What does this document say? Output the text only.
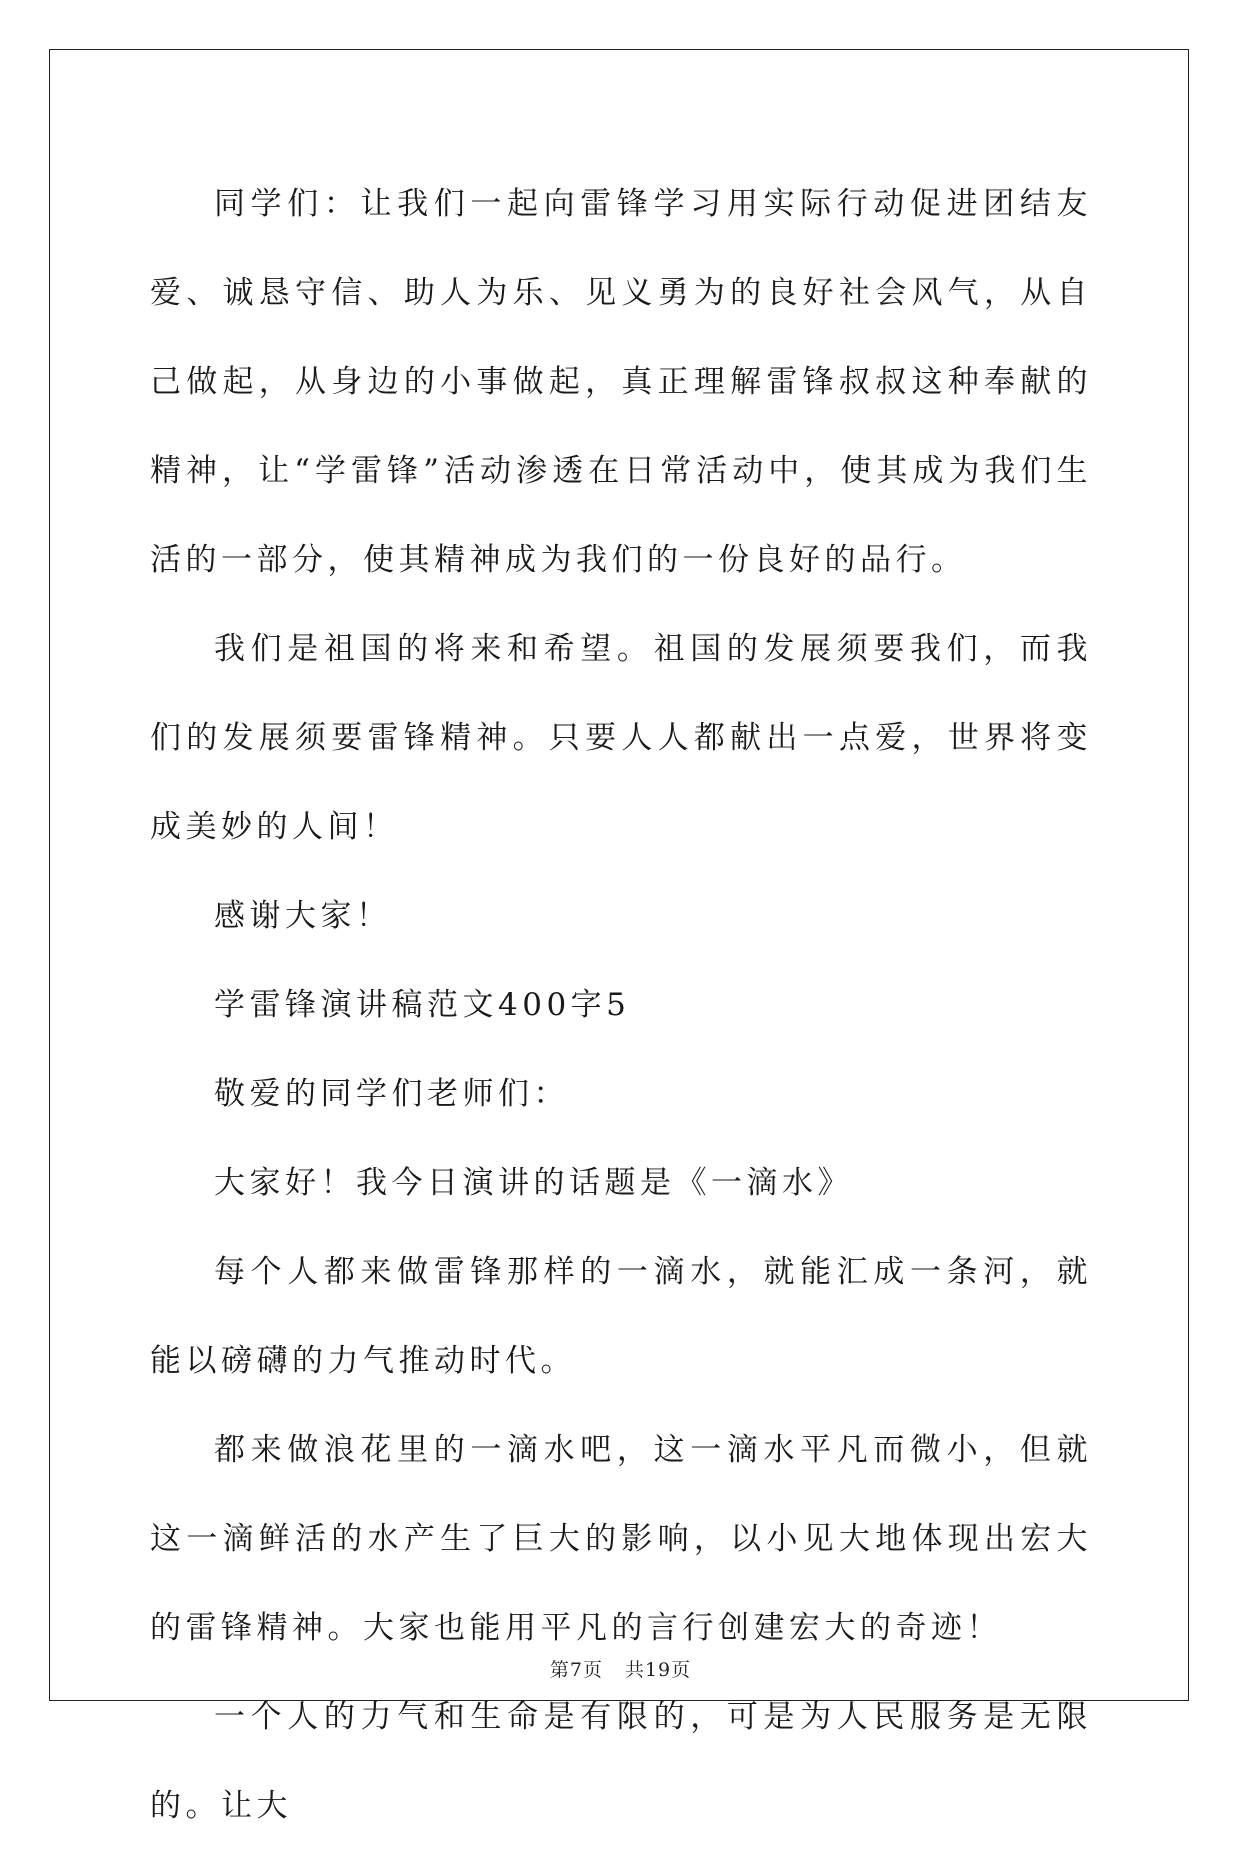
同学们：让我们一起向雷锋学习用实际行动促进团结友爱、诚恳守信、助人为乐、见义勇为的良好社会风气，从自己做起，从身边的小事做起，真正理解雷锋叔叔这种奉献的精神，让“学雷锋”活动渗透在日常活动中，使其成为我们生活的一部分，使其精神成为我们的一份良好的品行。

我们是祖国的将来和希望。祖国的发展须要我们，而我们的发展须要雷锋精神。只要人人都献出一点爱，世界将变成美妙的人间！

感谢大家！

学雷锋演讲稿范文400字5

敬爱的同学们老师们：

大家好！我今日演讲的话题是《一滴水》

每个人都来做雷锋那样的一滴水，就能汇成一条河，就能以磅礴的力气推动时代。

都来做浪花里的一滴水吧，这一滴水平凡而微小，但就这一滴鲜活的水产生了巨大的影响，以小见大地体现出宏大的雷锋精神。大家也能用平凡的言行创建宏大的奇迹！

一个人的力气和生命是有限的，可是为人民服务是无限的。让大

第7页 共19页
